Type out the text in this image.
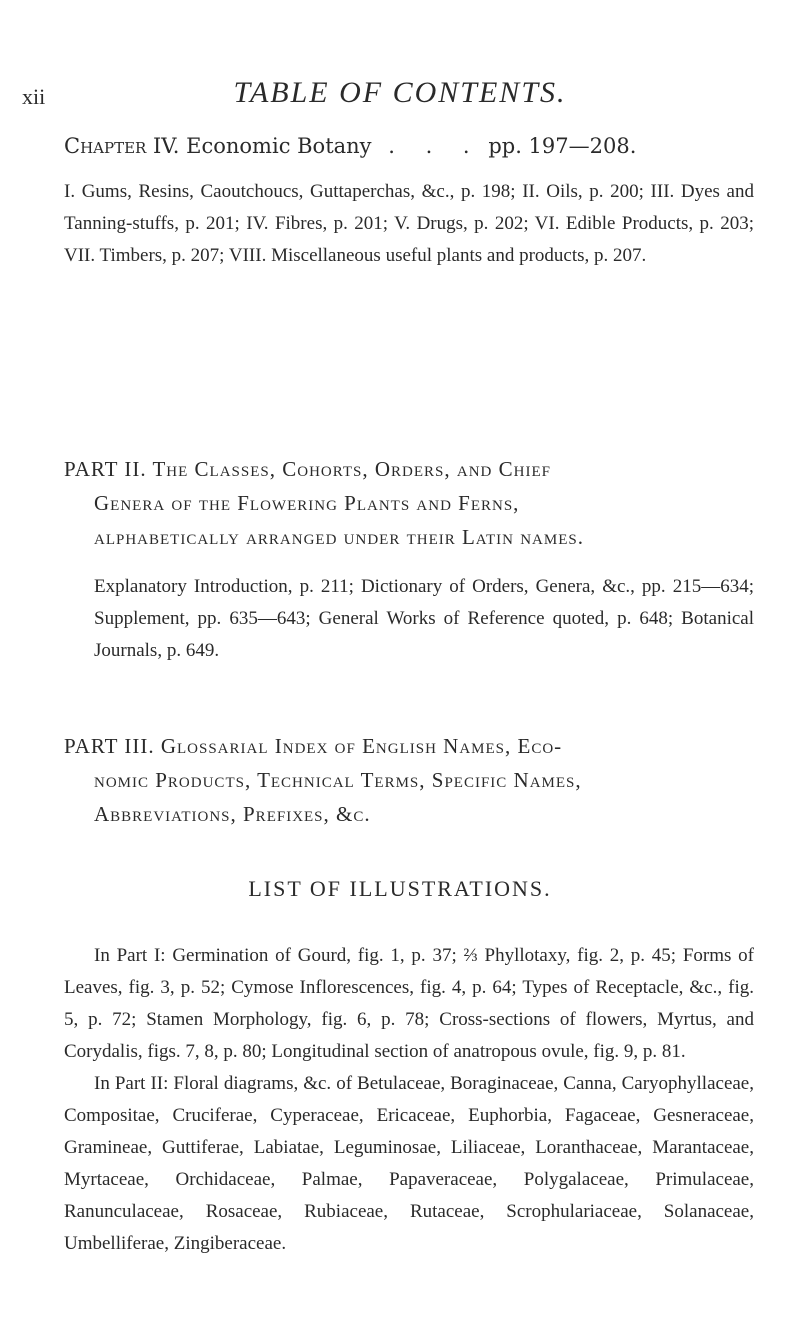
xii	TABLE OF CONTENTS.
Chapter IV. Economic Botany . . . pp. 197—208.
I. Gums, Resins, Caoutchoucs, Guttaperchas, &c., p. 198; II. Oils, p. 200; III. Dyes and Tanning-stuffs, p. 201; IV. Fibres, p. 201; V. Drugs, p. 202; VI. Edible Products, p. 203; VII. Timbers, p. 207; VIII. Miscellaneous useful plants and products, p. 207.
PART II. The Classes, Cohorts, Orders, and Chief
Genera of the Flowering Plants and Ferns,
alphabetically arranged under their Latin names.
Explanatory Introduction, p. 211; Dictionary of Orders, Genera, &c., pp. 215—634; Supplement, pp. 635—643; General Works of Reference quoted, p. 648; Botanical Journals, p. 649.
PART III. Glossarial Index of English Names, Eco-
nomic Products, Technical Terms, Specific Names,
Abbreviations, Prefixes, &c.
LIST OF ILLUSTRATIONS.

In Part I: Germination of Gourd, fig. 1, p. 37; ⅔ Phyllotaxy, fig. 2, p. 45; Forms of Leaves, fig. 3, p. 52; Cymose Inflorescences, fig. 4, p. 64; Types of Receptacle, &c., fig. 5, p. 72; Stamen Morphology, fig. 6, p. 78; Cross-sections of flowers, Myrtus, and Corydalis, figs. 7, 8, p. 80; Longitudinal section of anatropous ovule, fig. 9, p. 81.

In Part II: Floral diagrams, &c. of Betulaceae, Boraginaceae, Canna, Caryophyllaceae, Compositae, Cruciferae, Cyperaceae, Ericaceae, Euphorbia, Fagaceae, Gesneraceae, Gramineae, Guttiferae, Labiatae, Leguminosae, Liliaceae, Loranthaceae, Marantaceae, Myrtaceae, Orchidaceae, Palmae, Papaveraceae, Polygalaceae, Primulaceae, Ranunculaceae, Rosaceae, Rubiaceae, Rutaceae, Scrophulariaceae, Solanaceae, Umbelliferae, Zingiberaceae.
